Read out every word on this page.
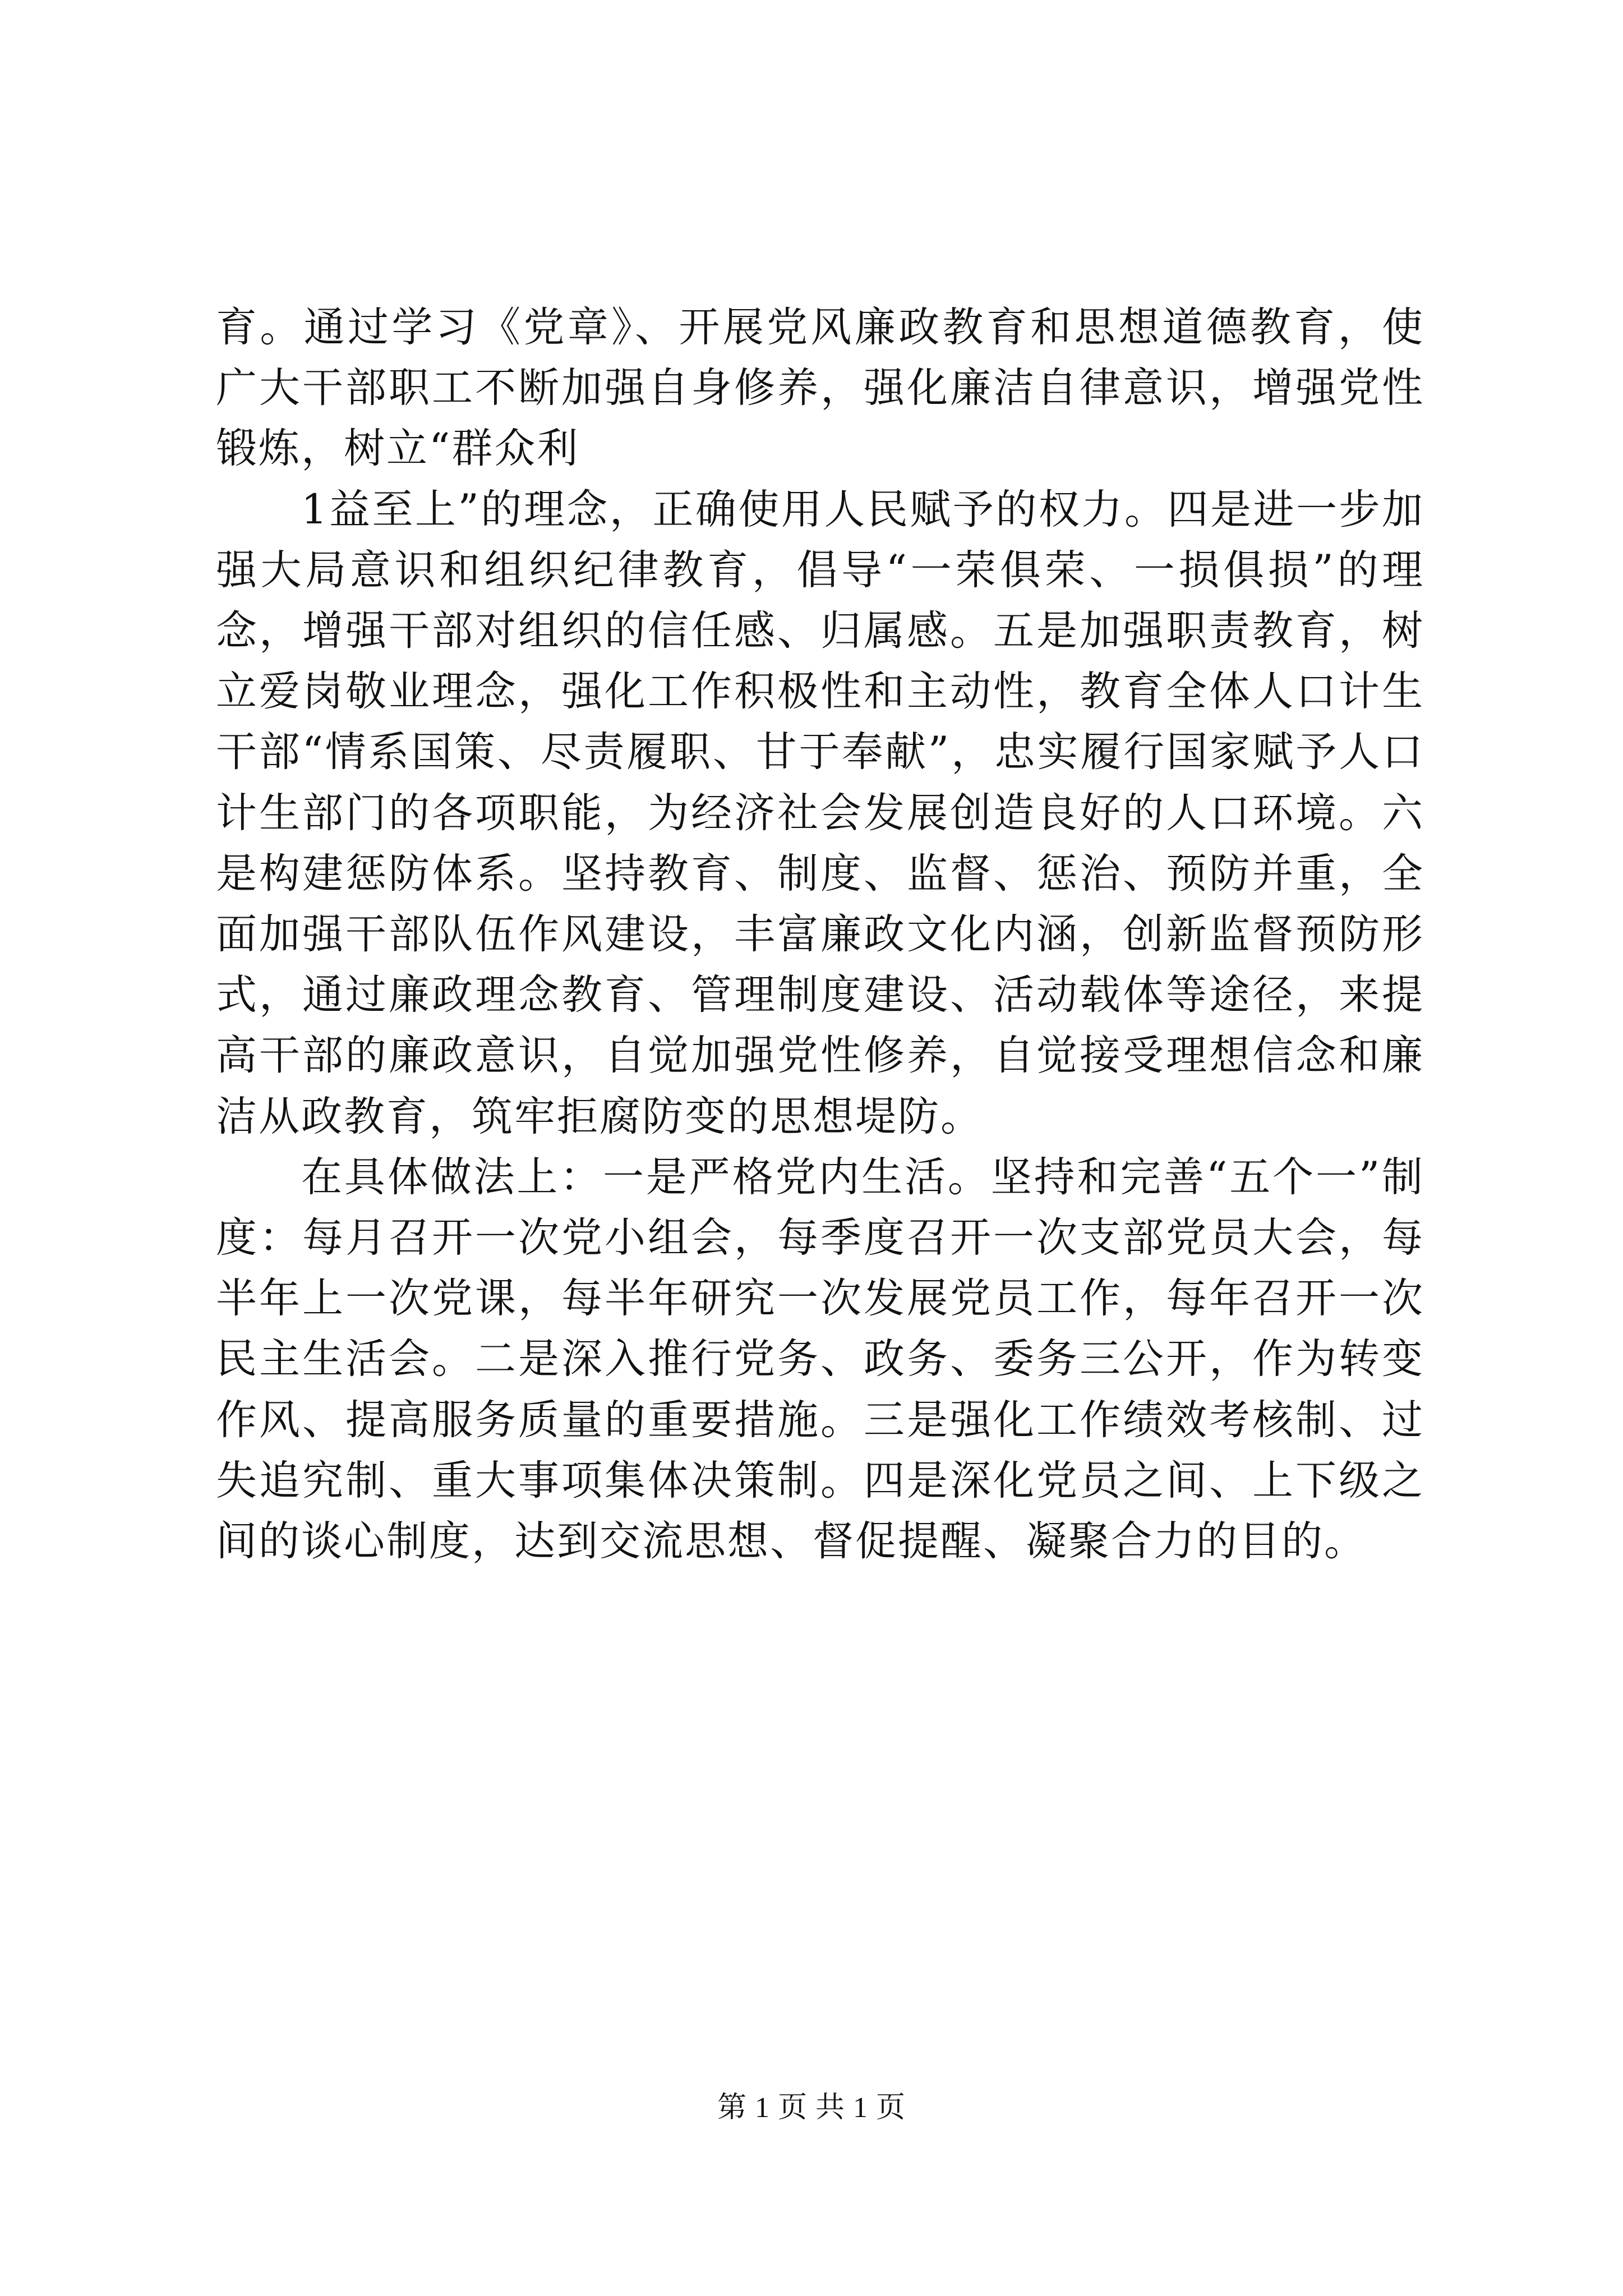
育。通过学习《党章》、开展党风廉政教育和思想道德教育，使广大干部职工不断加强自身修养，强化廉洁自律意识，增强党性锻炼，树立“群众利

1益至上”的理念，正确使用人民赋予的权力。四是进一步加强大局意识和组织纪律教育，倡导“一荣俱荣、一损俱损”的理念，增强干部对组织的信任感、归属感。五是加强职责教育，树立爱岗敬业理念，强化工作积极性和主动性，教育全体人口计生干部“情系国策、尽责履职、甘于奉献”，忠实履行国家赋予人口计生部门的各项职能，为经济社会发展创造良好的人口环境。六是构建惩防体系。坚持教育、制度、监督、惩治、预防并重，全面加强干部队伍作风建设，丰富廉政文化内涵，创新监督预防形式，通过廉政理念教育、管理制度建设、活动载体等途径，来提高干部的廉政意识，自觉加强党性修养，自觉接受理想信念和廉洁从政教育，筑牢拒腐防变的思想堤防。

在具体做法上：一是严格党内生活。坚持和完善“五个一”制度：每月召开一次党小组会，每季度召开一次支部党员大会，每半年上一次党课，每半年研究一次发展党员工作，每年召开一次民主生活会。二是深入推行党务、政务、委务三公开，作为转变作风、提高服务质量的重要措施。三是强化工作绩效考核制、过失追究制、重大事项集体决策制。四是深化党员之间、上下级之间的谈心制度，达到交流思想、督促提醒、凝聚合力的目的。

第 1 页 共 1 页
